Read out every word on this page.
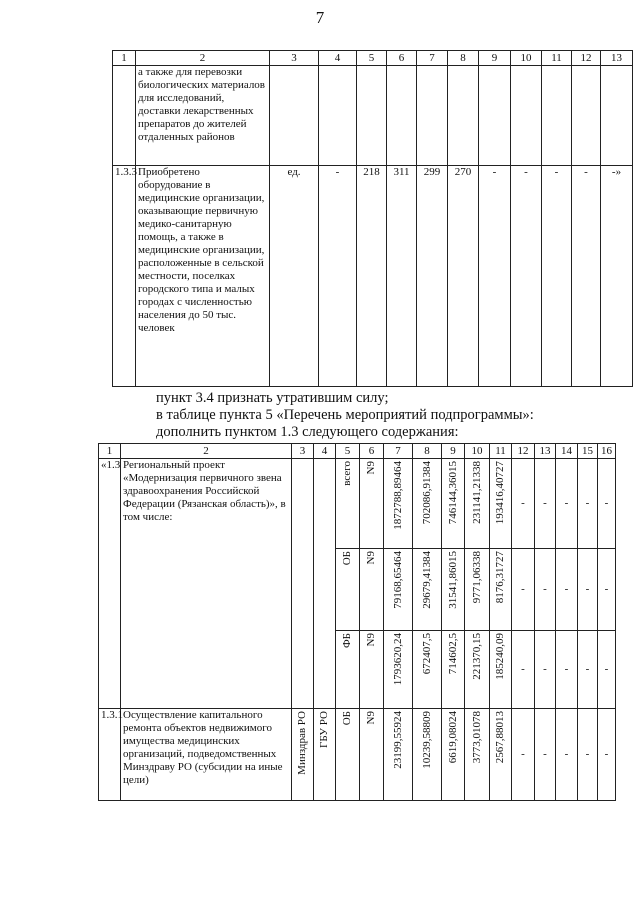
7
1	2	3	4	5	6	7	8	9	10	11	12	13
	а также для перевозки биологических материалов для исследований, доставки лекарственных препаратов до жителей отдаленных районов											
1.3.3	Приобретено оборудование в медицинские организации, оказывающие первичную медико-санитарную помощь, а также в медицинские организации, расположенные в сельской местности, поселках городского типа и малых городах с численностью населения до 50 тыс. человек	ед.	-	218	311	299	270	-	-	-	-	-»
пункт 3.4 признать утратившим силу;
в таблице пункта 5 «Перечень мероприятий подпрограммы»:
дополнить пунктом 1.3 следующего содержания:
1	2	3	4	5	6	7	8	9	10	11	12	13	14	15	16
«1.3	Региональный проект «Модернизация первичного звена здравоохранения Российской Федерации (Рязанская область)», в том числе:			всего	N9	1872788,89464	702086,91384	746144,36015	231141,21338	193416,40727	-	-	-	-	-

				ОБ	N9	79168,65464	29679,41384	31541,86015	9771,06338	8176,31727	-	-	-	-	-

				ФБ	N9	1793620,24	672407,5	714602,5	221370,15	185240,09	-	-	-	-	-
1.3.1	Осуществление капитального ремонта объектов недвижимого имущества медицинских организаций, подведомственных Минздраву РО (субсидии на иные цели)	Минздрав РО	ГБУ РО	ОБ	N9	23199,55924	10239,58809	6619,08024	3773,01078	2567,88013	-	-	-	-	-
